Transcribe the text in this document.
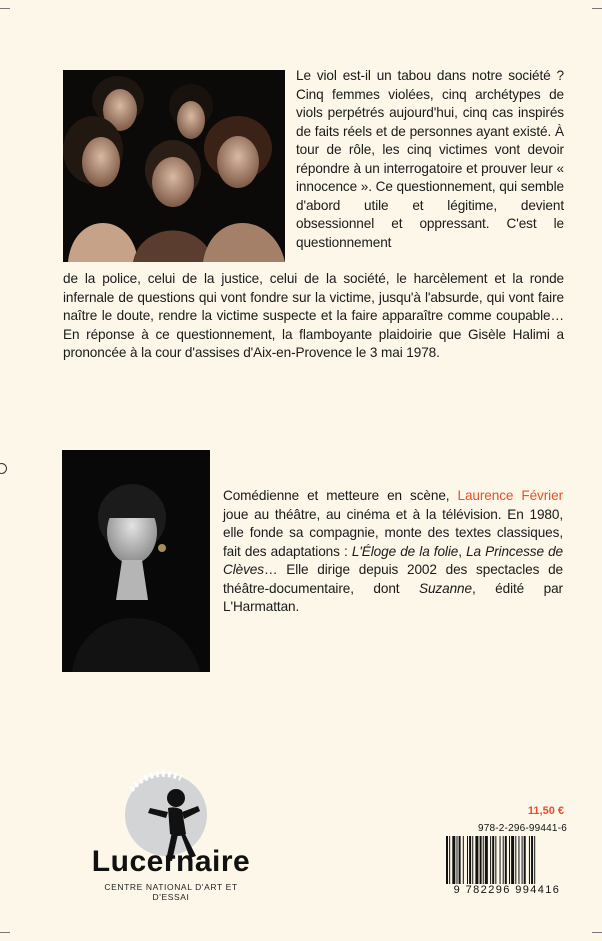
Le viol est-il un tabou dans notre société ? Cinq femmes violées, cinq archétypes de viols perpétrés aujourd'hui, cinq cas inspirés de faits réels et de personnes ayant existé. À tour de rôle, les cinq victimes vont devoir répondre à un interrogatoire et prouver leur « innocence ». Ce questionnement, qui semble d'abord utile et légitime, devient obsessionnel et oppressant. C'est le questionnement
de la police, celui de la justice, celui de la société, le harcèlement et la ronde infernale de questions qui vont fondre sur la victime, jusqu'à l'absurde, qui vont faire naître le doute, rendre la victime suspecte et la faire apparaître comme coupable… En réponse à ce questionnement, la flamboyante plaidoirie que Gisèle Halimi a prononcée à la cour d'assises d'Aix-en-Provence le 3 mai 1978.
Comédienne et metteure en scène, Laurence Février joue au théâtre, au cinéma et à la télévision. En 1980, elle fonde sa compagnie, monte des textes classiques, fait des adaptations : L'Éloge de la folie, La Princesse de Clèves… Elle dirige depuis 2002 des spectacles de théâtre-documentaire, dont Suzanne, édité par L'Harmattan.
Lucernaire
CENTRE NATIONAL D'ART ET D'ESSAI
11,50 €
978-2-296-99441-6
9 782296 994416
